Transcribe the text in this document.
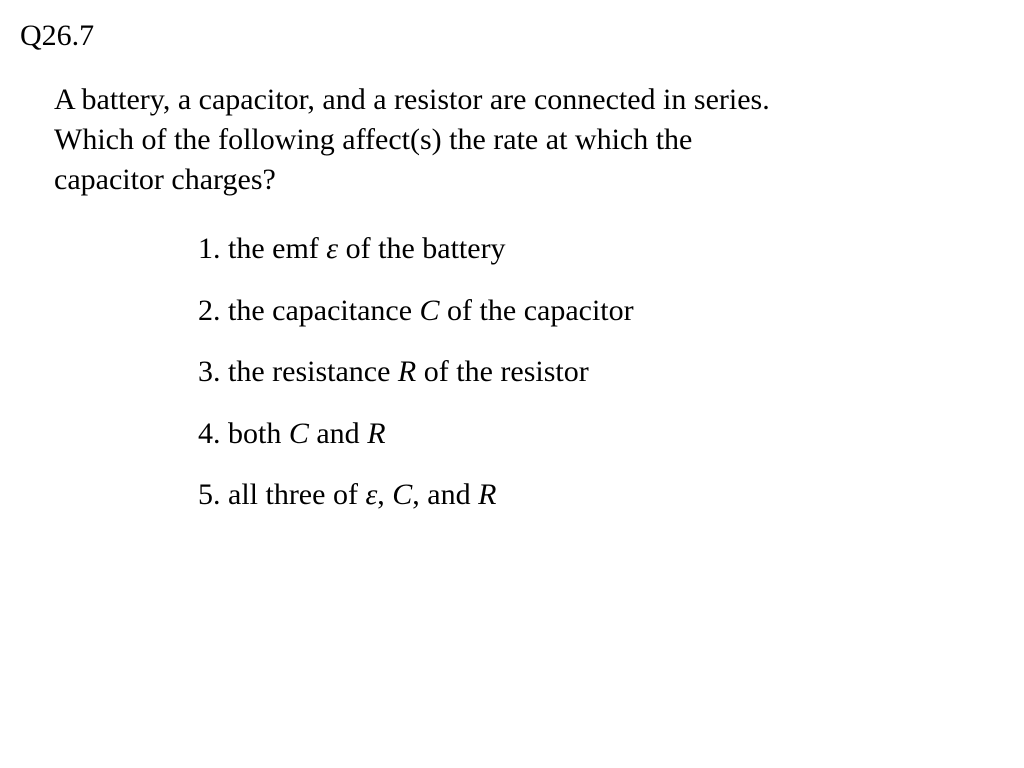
Q26.7
A battery, a capacitor, and a resistor are connected in series.
Which of the following affect(s) the rate at which the
capacitor charges?
1. the emf ε of the battery
2. the capacitance C of the capacitor
3. the resistance R of the resistor
4. both C and R
5. all three of ε, C, and R
